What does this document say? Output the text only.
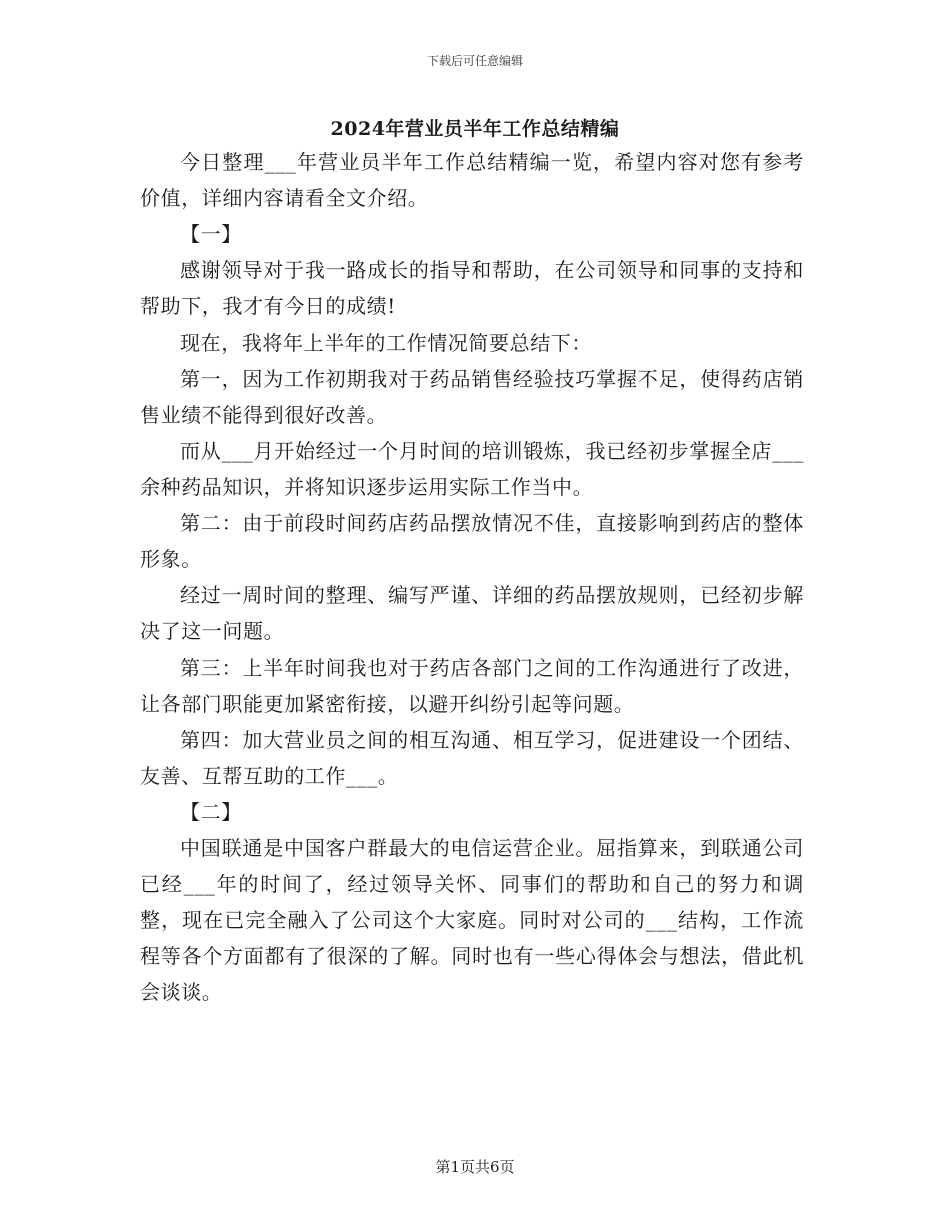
下载后可任意编辑
2024年营业员半年工作总结精编

今日整理___年营业员半年工作总结精编一览，希望内容对您有参考价值，详细内容请看全文介绍。

【一】

感谢领导对于我一路成长的指导和帮助，在公司领导和同事的支持和帮助下，我才有今日的成绩!

现在，我将年上半年的工作情况简要总结下：

第一，因为工作初期我对于药品销售经验技巧掌握不足，使得药店销售业绩不能得到很好改善。

而从___月开始经过一个月时间的培训锻炼，我已经初步掌握全店___余种药品知识，并将知识逐步运用实际工作当中。

第二：由于前段时间药店药品摆放情况不佳，直接影响到药店的整体形象。

经过一周时间的整理、编写严谨、详细的药品摆放规则，已经初步解决了这一问题。

第三：上半年时间我也对于药店各部门之间的工作沟通进行了改进，让各部门职能更加紧密衔接，以避开纠纷引起等问题。

第四：加大营业员之间的相互沟通、相互学习，促进建设一个团结、友善、互帮互助的工作___。

【二】

中国联通是中国客户群最大的电信运营企业。屈指算来，到联通公司已经___年的时间了，经过领导关怀、同事们的帮助和自己的努力和调整，现在已完全融入了公司这个大家庭。同时对公司的___结构，工作流程等各个方面都有了很深的了解。同时也有一些心得体会与想法，借此机会谈谈。

第1页共6页
